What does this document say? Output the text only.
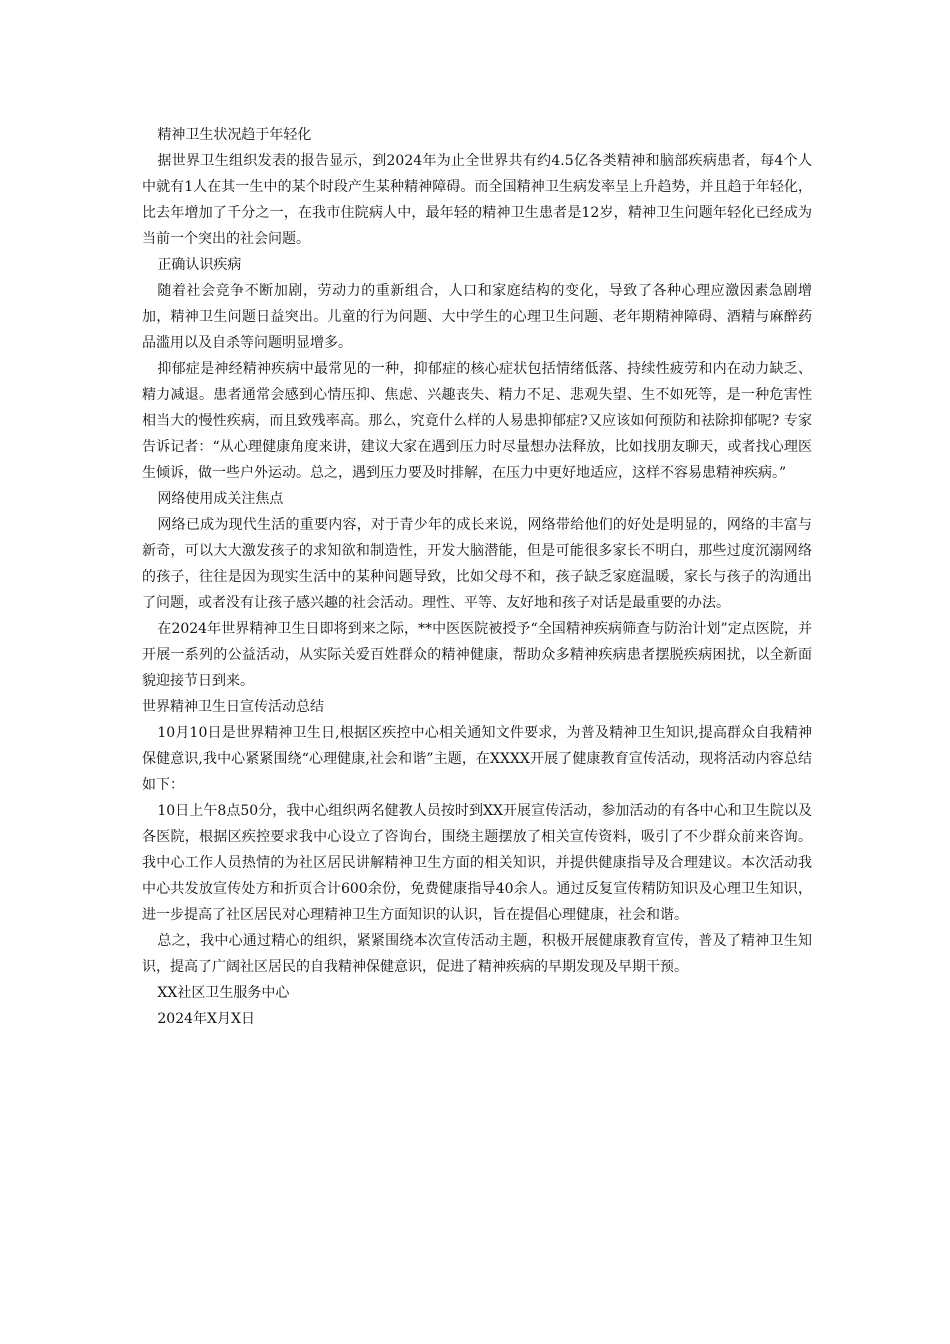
精神卫生状况趋于年轻化

据世界卫生组织发表的报告显示，到2024年为止全世界共有约4.5亿各类精神和脑部疾病患者，每4个人中就有1人在其一生中的某个时段产生某种精神障碍。而全国精神卫生病发率呈上升趋势，并且趋于年轻化，比去年增加了千分之一，在我市住院病人中，最年轻的精神卫生患者是12岁，精神卫生问题年轻化已经成为当前一个突出的社会问题。

正确认识疾病

随着社会竞争不断加剧，劳动力的重新组合，人口和家庭结构的变化，导致了各种心理应激因素急剧增加，精神卫生问题日益突出。儿童的行为问题、大中学生的心理卫生问题、老年期精神障碍、酒精与麻醉药品滥用以及自杀等问题明显增多。

抑郁症是神经精神疾病中最常见的一种，抑郁症的核心症状包括情绪低落、持续性疲劳和内在动力缺乏、精力减退。患者通常会感到心情压抑、焦虑、兴趣丧失、精力不足、悲观失望、生不如死等，是一种危害性相当大的慢性疾病，而且致残率高。那么，究竟什么样的人易患抑郁症?又应该如何预防和祛除抑郁呢? 专家告诉记者：“从心理健康角度来讲，建议大家在遇到压力时尽量想办法释放，比如找朋友聊天，或者找心理医生倾诉，做一些户外运动。总之，遇到压力要及时排解，在压力中更好地适应，这样不容易患精神疾病。”

网络使用成关注焦点

网络已成为现代生活的重要内容，对于青少年的成长来说，网络带给他们的好处是明显的，网络的丰富与新奇，可以大大激发孩子的求知欲和制造性，开发大脑潜能，但是可能很多家长不明白，那些过度沉溺网络的孩子，往往是因为现实生活中的某种问题导致，比如父母不和，孩子缺乏家庭温暖，家长与孩子的沟通出了问题，或者没有让孩子感兴趣的社会活动。理性、平等、友好地和孩子对话是最重要的办法。

在2024年世界精神卫生日即将到来之际，**中医医院被授予“全国精神疾病筛查与防治计划”定点医院，并开展一系列的公益活动，从实际关爱百姓群众的精神健康，帮助众多精神疾病患者摆脱疾病困扰，以全新面貌迎接节日到来。

世界精神卫生日宣传活动总结

10月10日是世界精神卫生日,根据区疾控中心相关通知文件要求，为普及精神卫生知识,提高群众自我精神保健意识,我中心紧紧围绕“心理健康,社会和谐”主题，在XXXX开展了健康教育宣传活动，现将活动内容总结如下：

10日上午8点50分，我中心组织两名健教人员按时到XX开展宣传活动，参加活动的有各中心和卫生院以及各医院，根据区疾控要求我中心设立了咨询台，围绕主题摆放了相关宣传资料，吸引了不少群众前来咨询。我中心工作人员热情的为社区居民讲解精神卫生方面的相关知识，并提供健康指导及合理建议。本次活动我中心共发放宣传处方和折页合计600余份，免费健康指导40余人。通过反复宣传精防知识及心理卫生知识，进一步提高了社区居民对心理精神卫生方面知识的认识，旨在提倡心理健康，社会和谐。

总之，我中心通过精心的组织，紧紧围绕本次宣传活动主题，积极开展健康教育宣传，普及了精神卫生知识，提高了广阔社区居民的自我精神保健意识，促进了精神疾病的早期发现及早期干预。

XX社区卫生服务中心

2024年X月X日
